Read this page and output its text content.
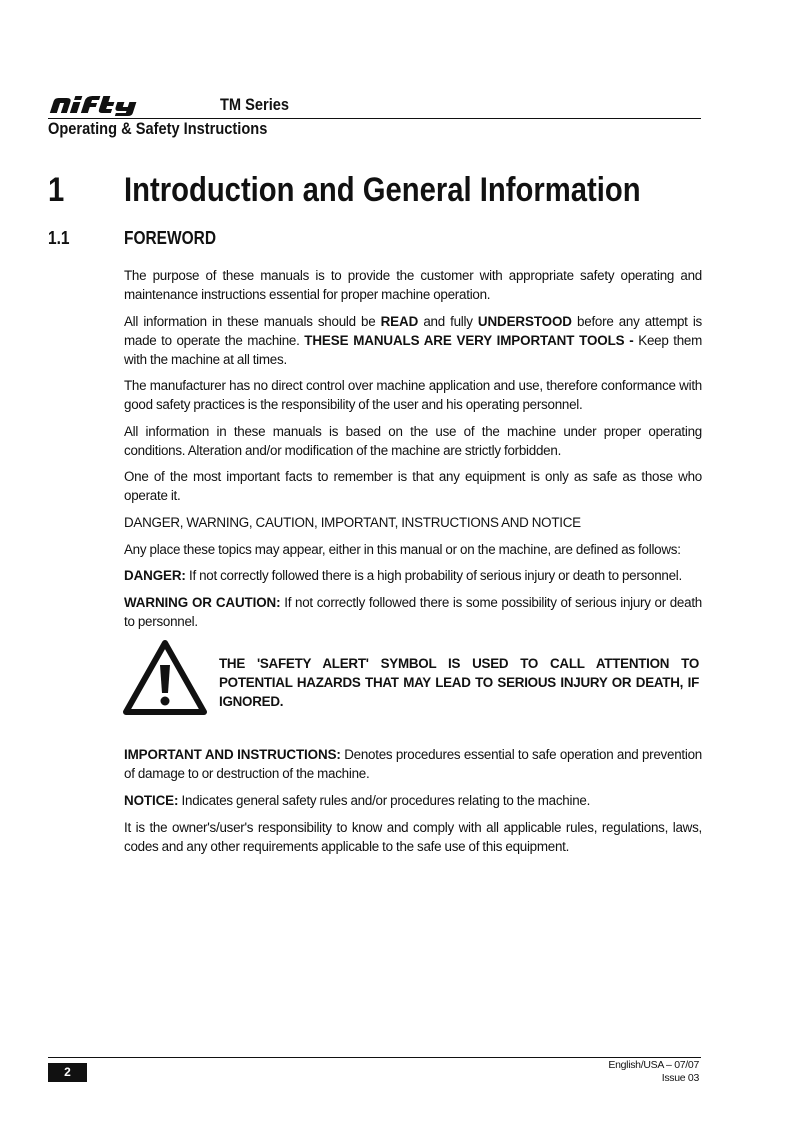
TM Series
Operating & Safety Instructions
1 Introduction and General Information
1.1	FOREWORD

The purpose of these manuals is to provide the customer with appropriate safety operating and maintenance instructions essential for proper machine operation.

All information in these manuals should be READ and fully UNDERSTOOD before any attempt is made to operate the machine. THESE MANUALS ARE VERY IMPORTANT TOOLS - Keep them with the machine at all times.

The manufacturer has no direct control over machine application and use, therefore conformance with good safety practices is the responsibility of the user and his operating personnel.

All information in these manuals is based on the use of the machine under proper operating conditions. Alteration and/or modification of the machine are strictly forbidden.

One of the most important facts to remember is that any equipment is only as safe as those who operate it.

DANGER, WARNING, CAUTION, IMPORTANT, INSTRUCTIONS AND NOTICE

Any place these topics may appear, either in this manual or on the machine, are defined as follows:

DANGER: If not correctly followed there is a high probability of serious injury or death to personnel.

WARNING OR CAUTION: If not correctly followed there is some possibility of serious injury or death to personnel.

THE 'SAFETY ALERT' SYMBOL IS USED TO CALL ATTENTION TO POTENTIAL HAZARDS THAT MAY LEAD TO SERIOUS INJURY OR DEATH, IF IGNORED.

IMPORTANT AND INSTRUCTIONS: Denotes procedures essential to safe operation and prevention of damage to or destruction of the machine.

NOTICE: Indicates general safety rules and/or procedures relating to the machine.

It is the owner's/user's responsibility to know and comply with all applicable rules, regulations, laws, codes and any other requirements applicable to the safe use of this equipment.

2	English/USA – 07/07
Issue 03
